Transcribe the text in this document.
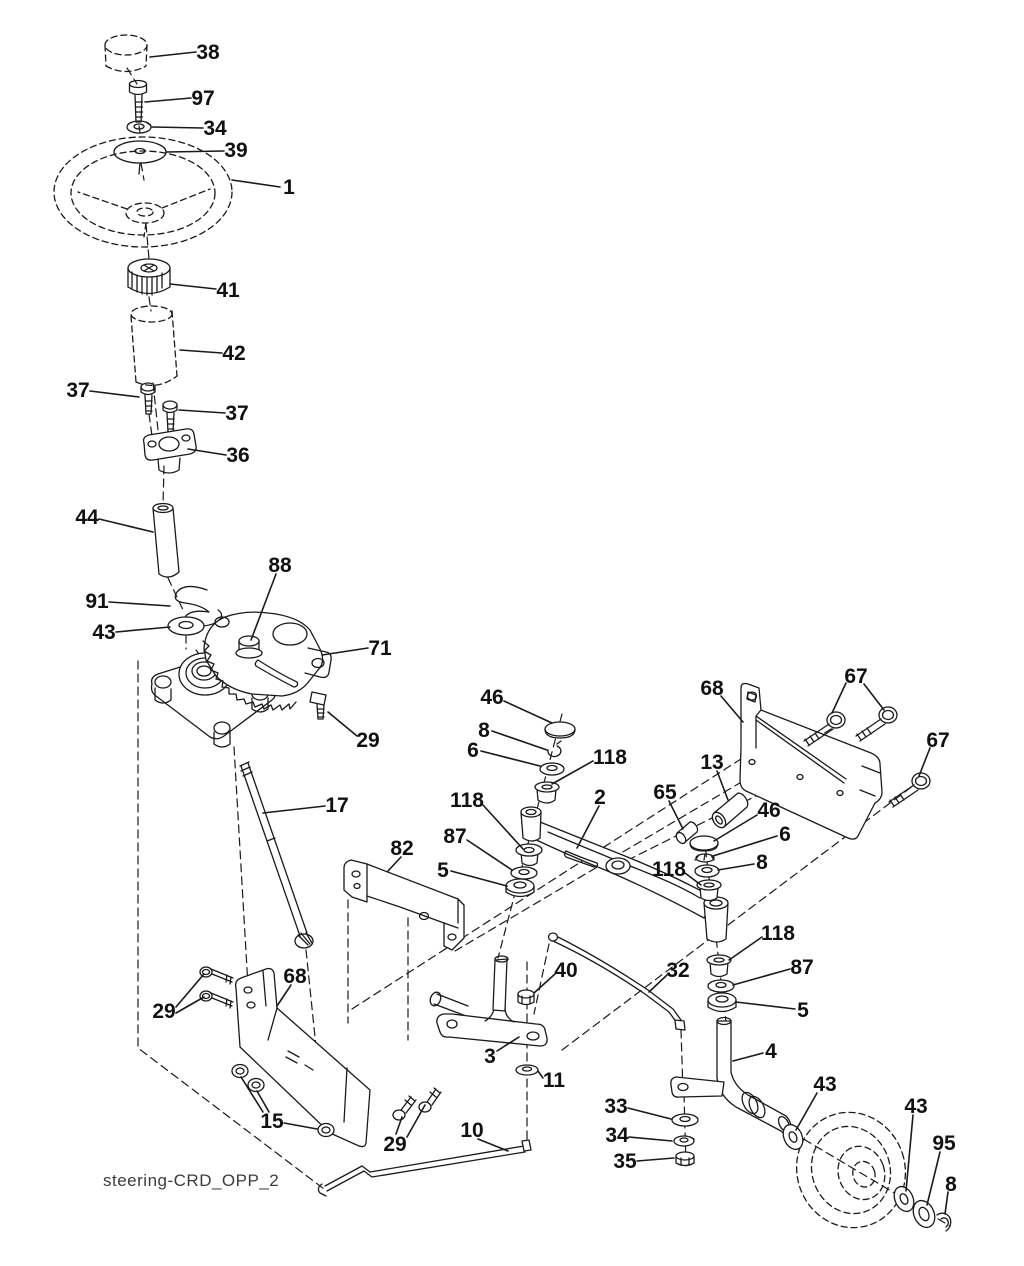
38
97
34
39
1
41
42
37
37
36
44
91
43
88
71
29
17
46
8
6	118
2
68
67
67
13
65
46
6
8
118
118
87
5
4
118
87
5
82
40	32
3
11
10
33
34
35
68
29
15
29
43
43
95
8
steering-CRD_OPP_2
